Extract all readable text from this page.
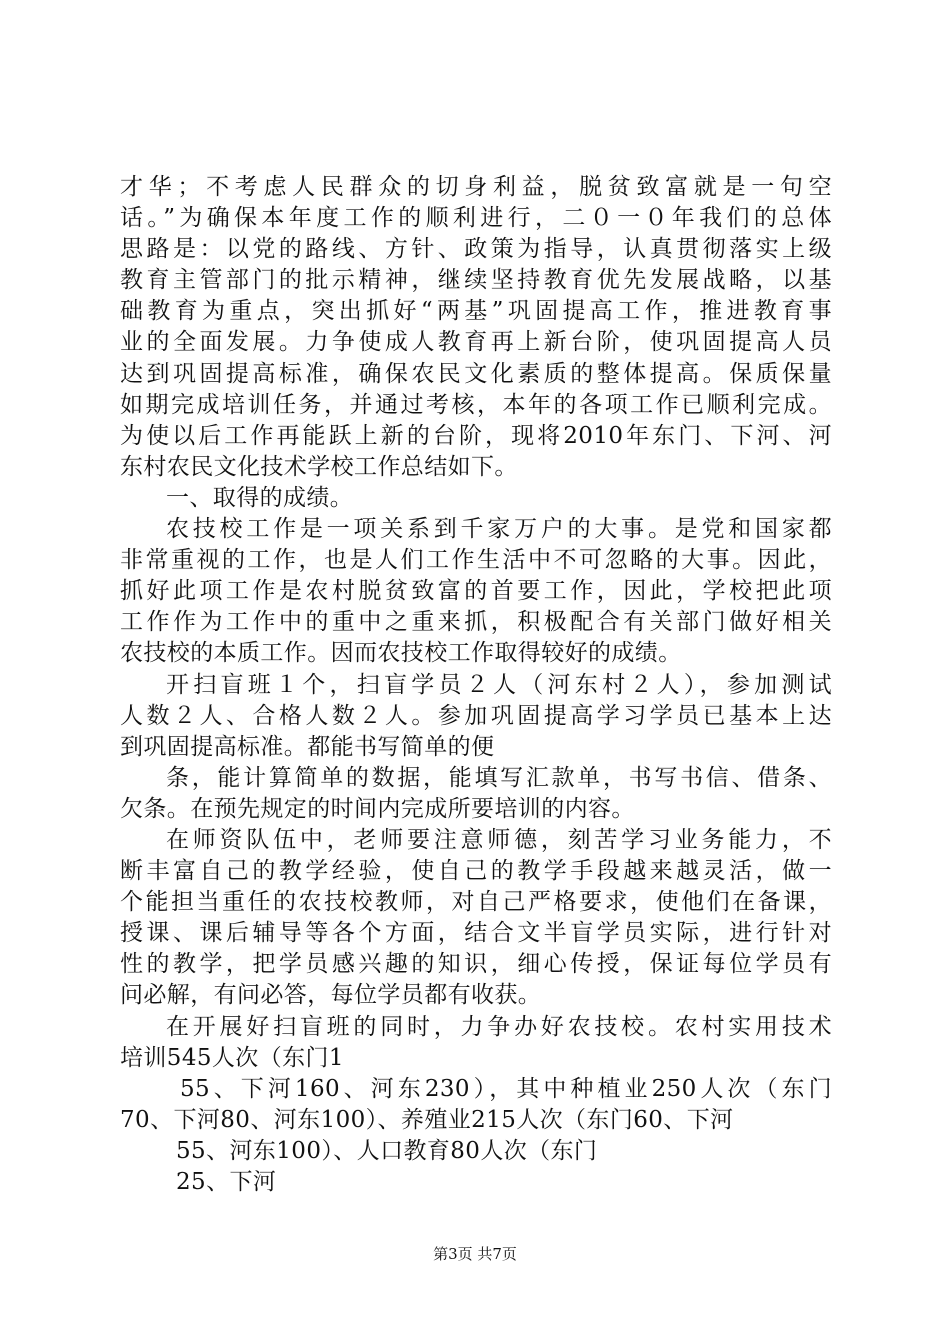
才华；不考虑人民群众的切身利益，脱贫致富就是一句空
话。”为确保本年度工作的顺利进行，二０一０年我们的总体
思路是：以党的路线、方针、政策为指导，认真贯彻落实上级
教育主管部门的批示精神，继续坚持教育优先发展战略，以基
础教育为重点，突出抓好“两基”巩固提高工作，推进教育事
业的全面发展。力争使成人教育再上新台阶，使巩固提高人员
达到巩固提高标准，确保农民文化素质的整体提高。保质保量
如期完成培训任务，并通过考核，本年的各项工作已顺利完成。
为使以后工作再能跃上新的台阶，现将2010年东门、下河、河
东村农民文化技术学校工作总结如下。
一、取得的成绩。
农技校工作是一项关系到千家万户的大事。是党和国家都
非常重视的工作，也是人们工作生活中不可忽略的大事。因此，
抓好此项工作是农村脱贫致富的首要工作，因此，学校把此项
工作作为工作中的重中之重来抓，积极配合有关部门做好相关
农技校的本质工作。因而农技校工作取得较好的成绩。
开扫盲班１个，扫盲学员２人（河东村２人），参加测试
人数２人、合格人数２人。参加巩固提高学习学员已基本上达
到巩固提高标准。都能书写简单的便
条，能计算简单的数据，能填写汇款单，书写书信、借条、
欠条。在预先规定的时间内完成所要培训的内容。
在师资队伍中，老师要注意师德，刻苦学习业务能力，不
断丰富自己的教学经验，使自己的教学手段越来越灵活，做一
个能担当重任的农技校教师，对自己严格要求，使他们在备课，
授课、课后辅导等各个方面，结合文半盲学员实际，进行针对
性的教学，把学员感兴趣的知识，细心传授，保证每位学员有
问必解，有问必答，每位学员都有收获。
在开展好扫盲班的同时，力争办好农技校。农村实用技术
培训545人次（东门1
55、下河160、河东230），其中种植业250人次（东门
70、下河80、河东100）、养殖业215人次（东门60、下河
55、河东100）、人口教育80人次（东门
25、下河
第3页 共7页
